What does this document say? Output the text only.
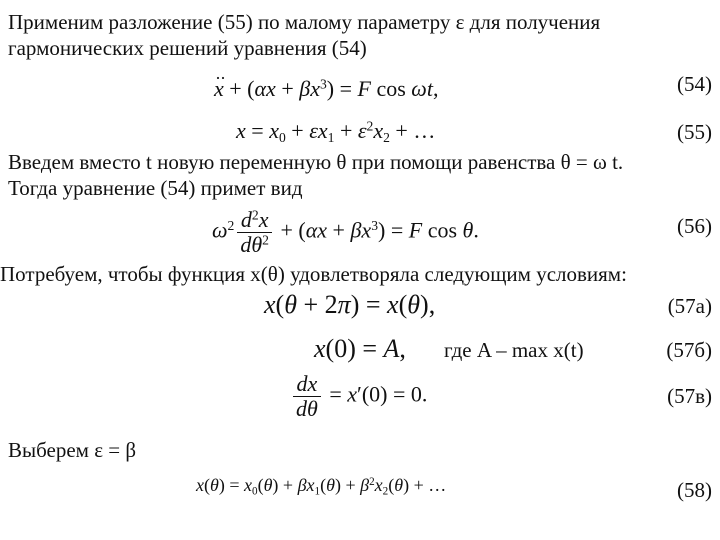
Применим разложение (55) по малому параметру ε для получения
гармонических решений уравнения (54)
·· $x + (\alpha x + \beta x^3) = F$ cos ωt,	(54)
$x = x_0 + \varepsilon x_1 + \varepsilon^2x_2$ + …	(55)
Введем вместо t новую переменную θ при помощи равенства θ = ω t.
Тогда уравнение (54) примет вид
$\omega^2 \frac{d^2x}{d\theta^2} + (\alpha x + \beta x^3) = F$ cos θ.	(56)
Потребуем, чтобы функция x(θ) удовлетворяла следующим условиям:
x(θ + 2π) = x(θ),	(57а)
x(0) = A, где A – max x(t)	(57б)
$\frac{dx}{d\theta} = x'(0) = 0$.	(57в)
Выберем ε = β
$x(\theta) = x_0(\theta) + \beta x_1(\theta) + \beta^2x_2(\theta)$ + …	(58)
